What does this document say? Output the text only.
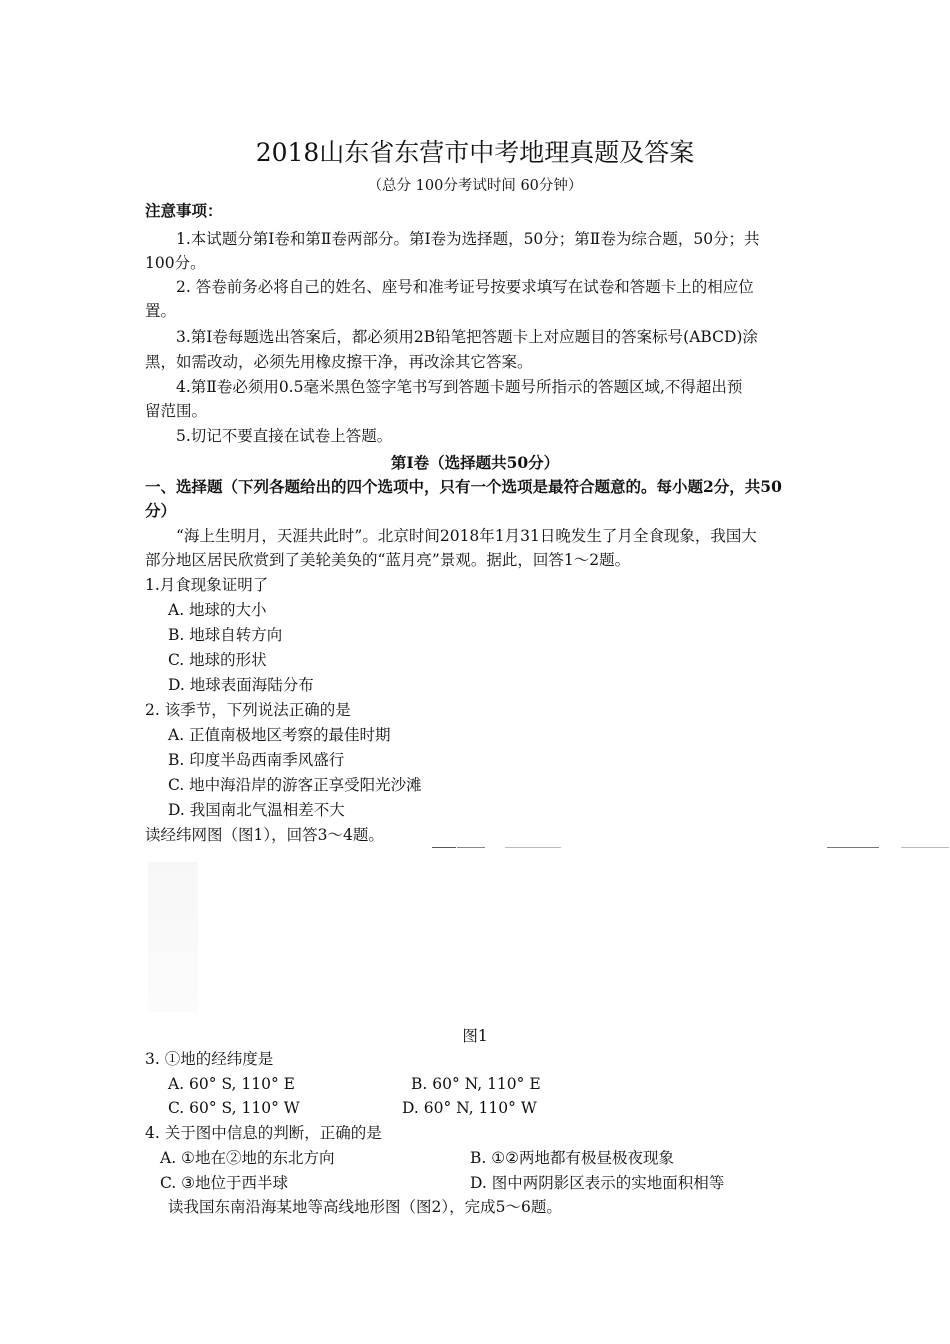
2018山东省东营市中考地理真题及答案
（总分 100分考试时间 60分钟）
注意事项：
1.本试题分第Ⅰ卷和第Ⅱ卷两部分。第Ⅰ卷为选择题，50分；第Ⅱ卷为综合题，50分；共
100分。
2. 答卷前务必将自己的姓名、座号和准考证号按要求填写在试卷和答题卡上的相应位
置。
3.第Ⅰ卷每题选出答案后，都必须用2B铅笔把答题卡上对应题目的答案标号(ABCD)涂
黑，如需改动，必须先用橡皮擦干净，再改涂其它答案。
4.第Ⅱ卷必须用0.5毫米黑色签字笔书写到答题卡题号所指示的答题区域,不得超出预
留范围。
5.切记不要直接在试卷上答题。
第Ⅰ卷（选择题共50分）
一、选择题（下列各题给出的四个选项中，只有一个选项是最符合题意的。每小题2分，共50
分）
“海上生明月，天涯共此时”。北京时间2018年1月31日晚发生了月全食现象，我国大
部分地区居民欣赏到了美轮美奂的“蓝月亮”景观。据此，回答1～2题。
1.月食现象证明了
A. 地球的大小
B. 地球自转方向
C. 地球的形状
D. 地球表面海陆分布
2. 该季节，下列说法正确的是
A. 正值南极地区考察的最佳时期
B. 印度半岛西南季风盛行
C. 地中海沿岸的游客正享受阳光沙滩
D. 我国南北气温相差不大
读经纬网图（图1），回答3～4题。
图1
3. ①地的经纬度是
A. 60° S, 110° E	B. 60° N, 110° E
C. 60° S, 110° W	D. 60° N, 110° W
4. 关于图中信息的判断，正确的是
A. ①地在②地的东北方向	B. ①②两地都有极昼极夜现象
C. ③地位于西半球	D. 图中两阴影区表示的实地面积相等
读我国东南沿海某地等高线地形图（图2），完成5～6题。
